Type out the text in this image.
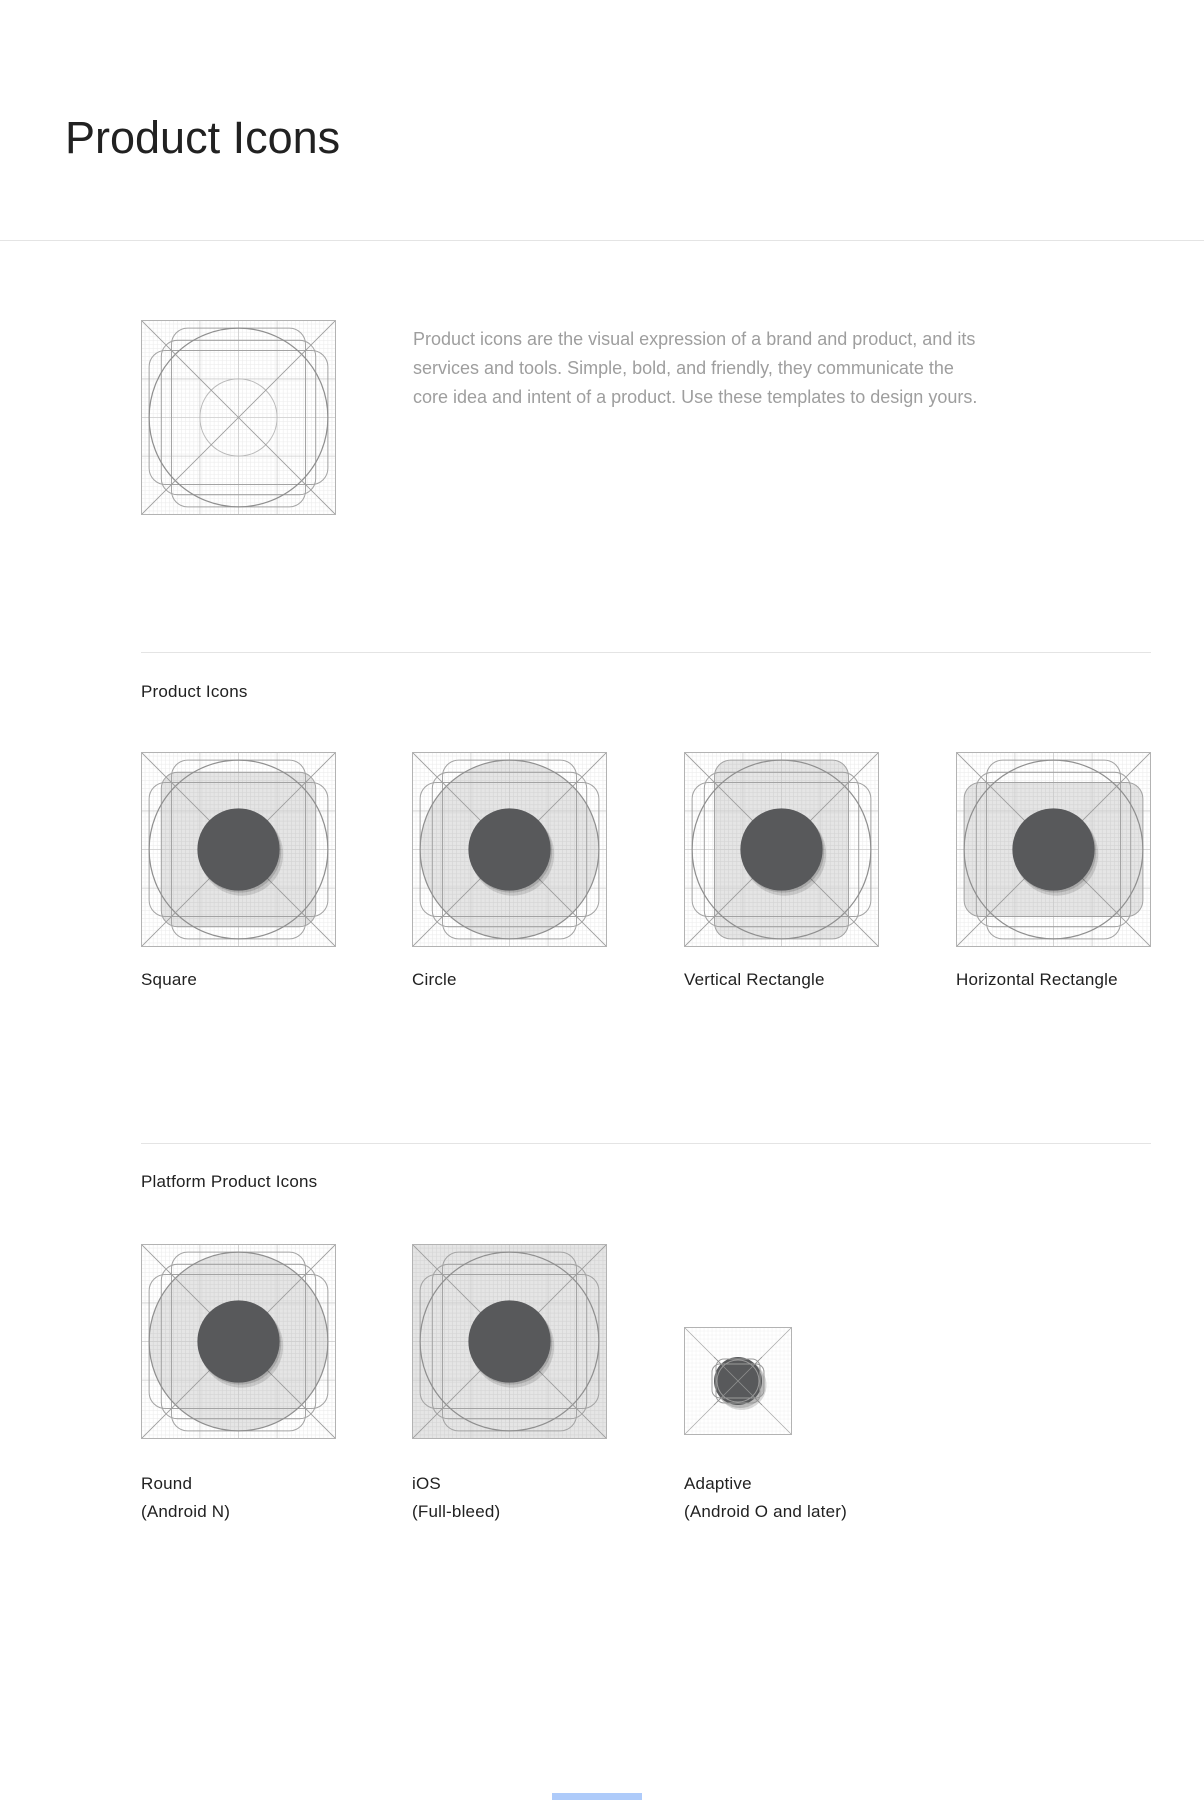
Product Icons

Product icons are the visual expression of a brand and product, and its
services and tools. Simple, bold, and friendly, they communicate the
core idea and intent of a product. Use these templates to design yours.

Product Icons

Square	Circle	Vertical Rectangle	Horizontal Rectangle

Platform Product Icons

Round
(Android N)

iOS
(Full-bleed)

Adaptive
(Android O and later)
